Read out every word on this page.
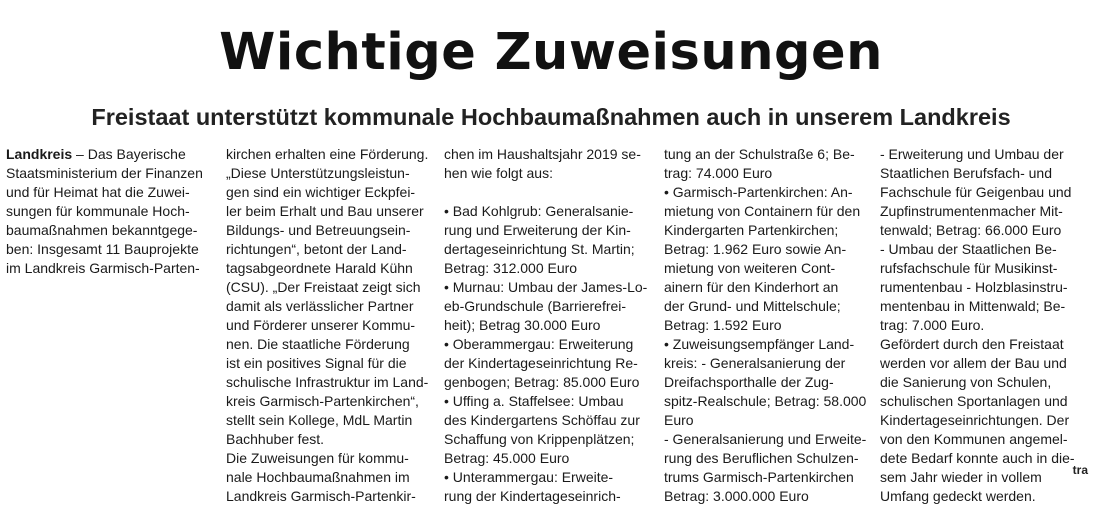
Wichtige Zuweisungen
Freistaat unterstützt kommunale Hochbaumaßnahmen auch in unserem Landkreis
Landkreis – Das Bayerische
Staatsministerium der Finanzen
und für Heimat hat die Zuwei-
sungen für kommunale Hoch-
baumaßnahmen bekanntgege-
ben: Insgesamt 11 Bauprojekte
im Landkreis Garmisch-Parten-
kirchen erhalten eine Förderung.
„Diese Unterstützungsleistun-
gen sind ein wichtiger Eckpfei-
ler beim Erhalt und Bau unserer
Bildungs- und Betreuungsein-
richtungen“, betont der Land-
tagsabgeordnete Harald Kühn
(CSU). „Der Freistaat zeigt sich
damit als verlässlicher Partner
und Förderer unserer Kommu-
nen. Die staatliche Förderung
ist ein positives Signal für die
schulische Infrastruktur im Land-
kreis Garmisch-Partenkirchen“,
stellt sein Kollege, MdL Martin
Bachhuber fest.
Die Zuweisungen für kommu-
nale Hochbaumaßnahmen im
Landkreis Garmisch-Partenkir-
chen im Haushaltsjahr 2019 se-
hen wie folgt aus:
• Bad Kohlgrub: Generalsanie-
rung und Erweiterung der Kin-
dertageseinrichtung St. Martin;
Betrag: 312.000 Euro
• Murnau: Umbau der James-Lo-
eb-Grundschule (Barrierefrei-
heit); Betrag 30.000 Euro
• Oberammergau: Erweiterung
der Kindertageseinrichtung Re-
genbogen; Betrag: 85.000 Euro
• Uffing a. Staffelsee: Umbau
des Kindergartens Schöffau zur
Schaffung von Krippenplätzen;
Betrag: 45.000 Euro
• Unterammergau: Erweite-
rung der Kindertageseinrich-
tung an der Schulstraße 6; Be-
trag: 74.000 Euro
• Garmisch-Partenkirchen: An-
mietung von Containern für den
Kindergarten Partenkirchen;
Betrag: 1.962 Euro sowie An-
mietung von weiteren Cont-
ainern für den Kinderhort an
der Grund- und Mittelschule;
Betrag: 1.592 Euro
• Zuweisungsempfänger Land-
kreis: - Generalsanierung der
Dreifachsporthalle der Zug-
spitz-Realschule; Betrag: 58.000
Euro
- Generalsanierung und Erweite-
rung des Beruflichen Schulzen-
trums Garmisch-Partenkirchen
Betrag: 3.000.000 Euro
- Erweiterung und Umbau der
Staatlichen Berufsfach- und
Fachschule für Geigenbau und
Zupfinstrumentenmacher Mit-
tenwald; Betrag: 66.000 Euro
- Umbau der Staatlichen Be-
rufsfachschule für Musikinst-
rumentenbau - Holzblasinstru-
mentenbau in Mittenwald; Be-
trag: 7.000 Euro.
Gefördert durch den Freistaat
werden vor allem der Bau und
die Sanierung von Schulen,
schulischen Sportanlagen und
Kindertageseinrichtungen. Der
von den Kommunen angemel-
dete Bedarf konnte auch in die-
sem Jahr wieder in vollem
Umfang gedeckt werden.
tra
